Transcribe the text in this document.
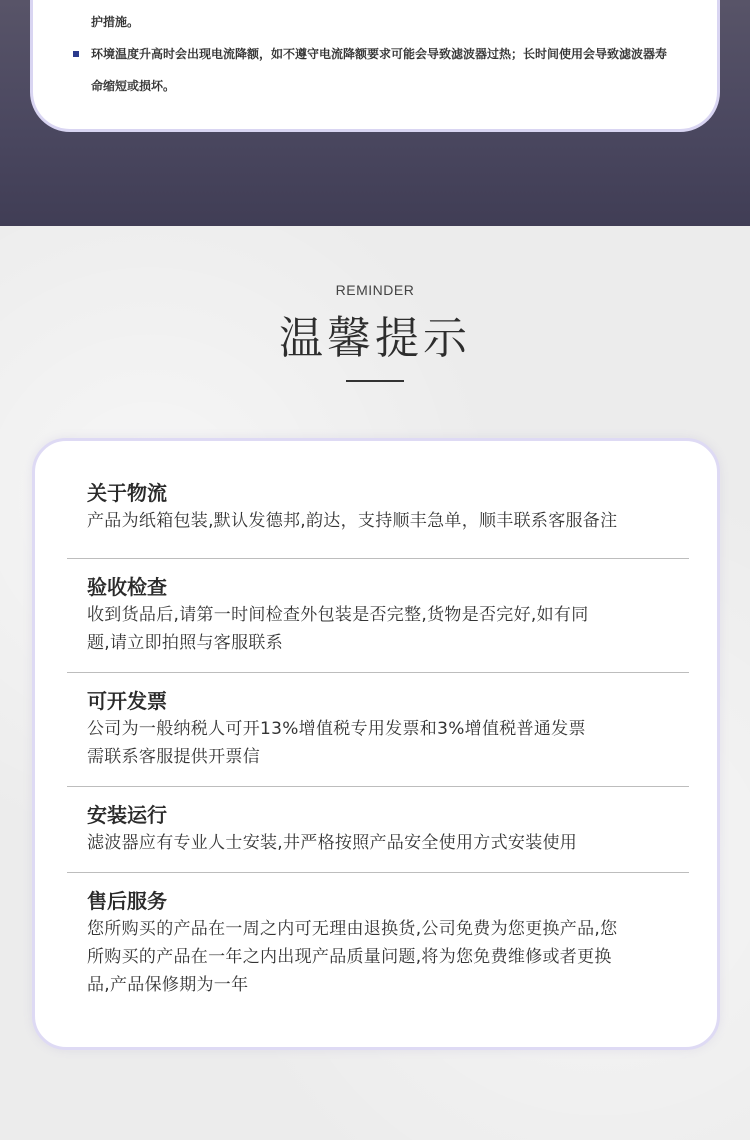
护措施。
环境温度升高时会出现电流降额，如不遵守电流降额要求可能会导致滤波器过热；长时间使用会导致滤波器寿
命缩短或损坏。
REMINDER
温馨提示
关于物流
产品为纸箱包装,默认发德邦,韵达，支持顺丰急单，顺丰联系客服备注
验收检查
收到货品后,请第一时间检查外包装是否完整,货物是否完好,如有同
题,请立即拍照与客服联系
可开发票
公司为一般纳税人可开13%增值税专用发票和3%增值税普通发票
需联系客服提供开票信
安装运行
滤波器应有专业人士安装,井严格按照产品安全使用方式安装使用
售后服务
您所购买的产品在一周之内可无理由退换货,公司免费为您更换产品,您
所购买的产品在一年之内出现产品质量问题,将为您免费维修或者更换
品,产品保修期为一年
